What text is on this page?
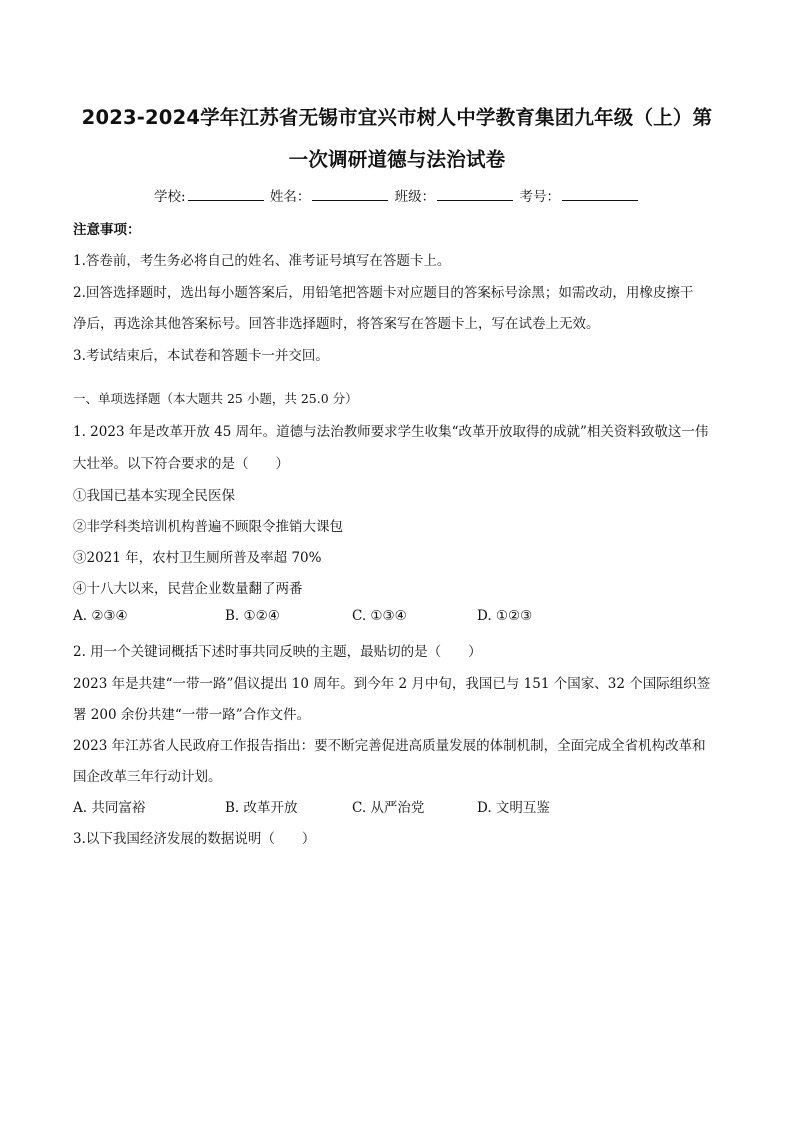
2023-2024学年江苏省无锡市宜兴市树人中学教育集团九年级（上）第
一次调研道德与法治试卷
学校:	姓名：	班级：	考号：
注意事项：
1.答卷前，考生务必将自己的姓名、准考证号填写在答题卡上。
2.回答选择题时，选出每小题答案后，用铅笔把答题卡对应题目的答案标号涂黑；如需改动，用橡皮擦干
净后，再选涂其他答案标号。回答非选择题时，将答案写在答题卡上，写在试卷上无效。
3.考试结束后，本试卷和答题卡一并交回。
一、单项选择题（本大题共 25 小题，共 25.0 分）
1. 2023 年是改革开放 45 周年。道德与法治教师要求学生收集“改革开放取得的成就”相关资料致敬这一伟
大壮举。以下符合要求的是（　　）
①我国已基本实现全民医保
②非学科类培训机构普遍不顾限令推销大课包
③2021 年，农村卫生厕所普及率超 70%
④十八大以来，民营企业数量翻了两番
A. ②③④	B. ①②④	C. ①③④	D. ①②③
2. 用一个关键词概括下述时事共同反映的主题，最贴切的是（　　）
2023 年是共建“一带一路”倡议提出 10 周年。到今年 2 月中旬，我国已与 151 个国家、32 个国际组织签
署 200 余份共建“一带一路”合作文件。
2023 年江苏省人民政府工作报告指出：要不断完善促进高质量发展的体制机制，全面完成全省机构改革和
国企改革三年行动计划。
A. 共同富裕	B. 改革开放	C. 从严治党	D. 文明互鉴
3.以下我国经济发展的数据说明（　　）
